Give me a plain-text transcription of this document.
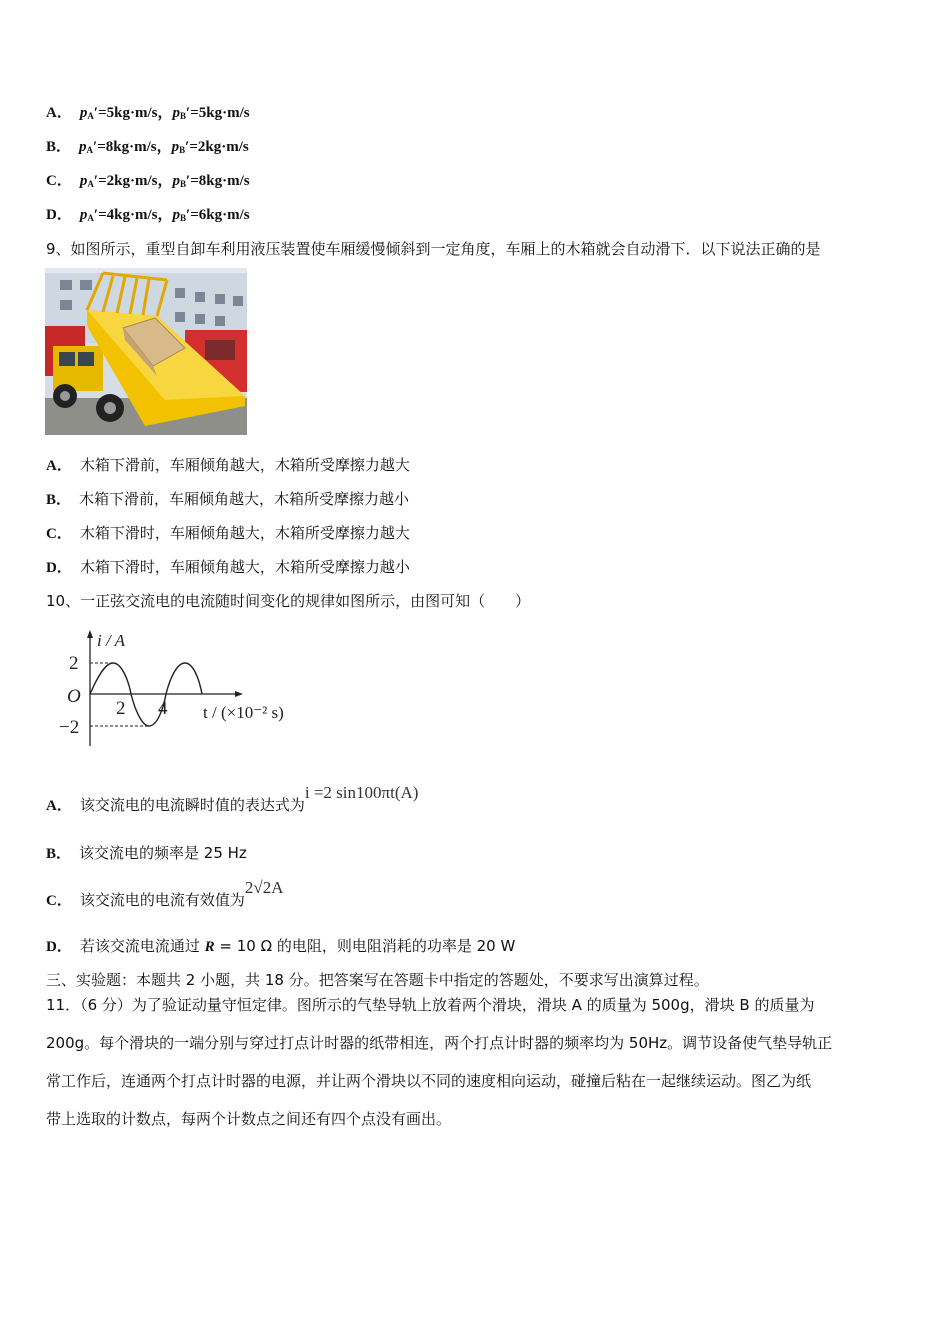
A． $p_A'=5kg\cdot m/s$，$p_B'=5kg\cdot m/s$
B． $p_A'=8kg\cdot m/s$，$p_B'=2kg\cdot m/s$
C． $p_A'=2kg\cdot m/s$，$p_B'=8kg\cdot m/s$
D． $p_A'=4kg\cdot m/s$，$p_B'=6kg\cdot m/s$
9、如图所示，重型自卸车利用液压装置使车厢缓慢倾斜到一定角度，车厢上的木箱就会自动滑下．以下说法正确的是
A． 木箱下滑前，车厢倾角越大，木箱所受摩擦力越大
B． 木箱下滑前，车厢倾角越大，木箱所受摩擦力越小
C． 木箱下滑时，车厢倾角越大，木箱所受摩擦力越大
D． 木箱下滑时，车厢倾角越大，木箱所受摩擦力越小
10、一正弦交流电的电流随时间变化的规律如图所示，由图可知（　　）
i / A
2
O
−2
2 4 t / (×10⁻² s)
A． 该交流电的电流瞬时值的表达式为i =2 sin100πt(A)
B． 该交流电的频率是 25 Hz
C． 该交流电的电流有效值为2√2A
D． 若该交流电流通过 R = 10 Ω 的电阻，则电阻消耗的功率是 20 W
三、实验题：本题共 2 小题，共 18 分。把答案写在答题卡中指定的答题处，不要求写出演算过程。
11．（6 分）为了验证动量守恒定律。图所示的气垫导轨上放着两个滑块，滑块 A 的质量为 500g，滑块 B 的质量为
200g。每个滑块的一端分别与穿过打点计时器的纸带相连，两个打点计时器的频率均为 50Hz。调节设备使气垫导轨正
常工作后，连通两个打点计时器的电源，并让两个滑块以不同的速度相向运动，碰撞后粘在一起继续运动。图乙为纸
带上选取的计数点，每两个计数点之间还有四个点没有画出。
